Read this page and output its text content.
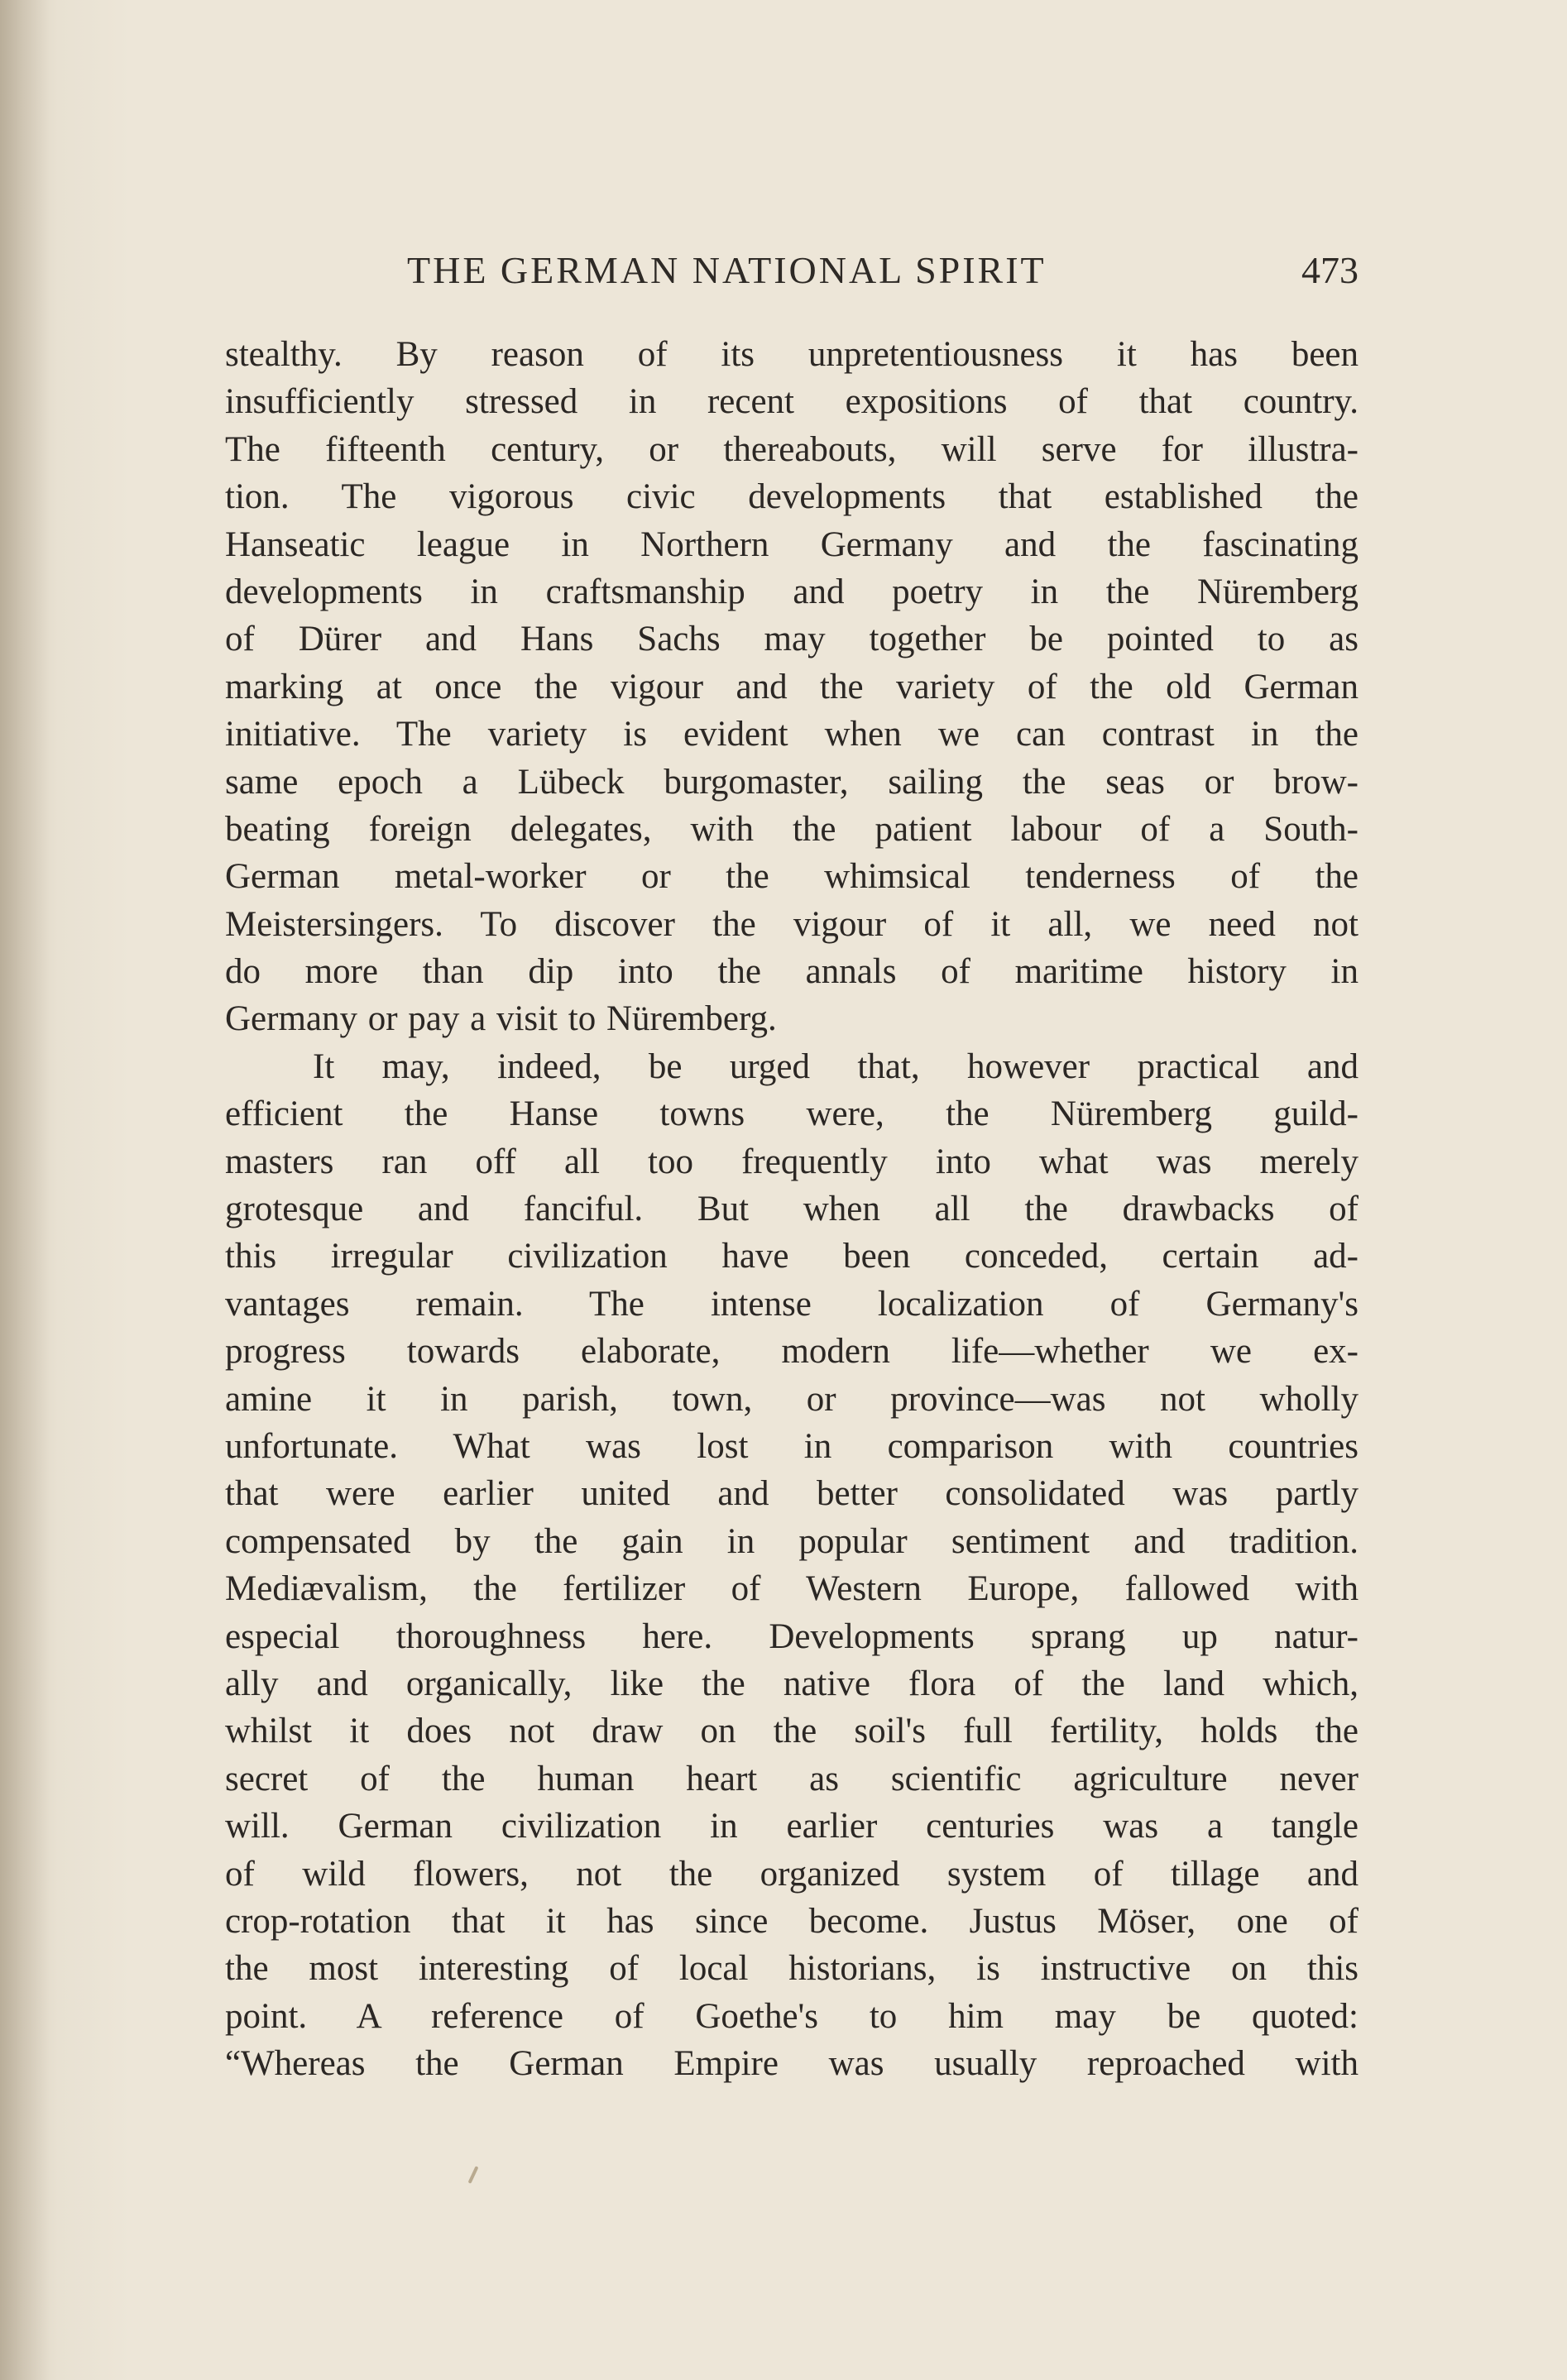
THE GERMAN NATIONAL SPIRIT	473
stealthy. By reason of its unpretentiousness it has been
insufficiently stressed in recent expositions of that country.
The fifteenth century, or thereabouts, will serve for illustra-
tion. The vigorous civic developments that established the
Hanseatic league in Northern Germany and the fascinating
developments in craftsmanship and poetry in the Nüremberg
of Dürer and Hans Sachs may together be pointed to as
marking at once the vigour and the variety of the old German
initiative. The variety is evident when we can contrast in the
same epoch a Lübeck burgomaster, sailing the seas or brow-
beating foreign delegates, with the patient labour of a South-
German metal-worker or the whimsical tenderness of the
Meistersingers. To discover the vigour of it all, we need not
do more than dip into the annals of maritime history in
Germany or pay a visit to Nüremberg.
It may, indeed, be urged that, however practical and
efficient the Hanse towns were, the Nüremberg guild-
masters ran off all too frequently into what was merely
grotesque and fanciful. But when all the drawbacks of
this irregular civilization have been conceded, certain ad-
vantages remain. The intense localization of Germany's
progress towards elaborate, modern life—whether we ex-
amine it in parish, town, or province—was not wholly
unfortunate. What was lost in comparison with countries
that were earlier united and better consolidated was partly
compensated by the gain in popular sentiment and tradition.
Mediævalism, the fertilizer of Western Europe, fallowed with
especial thoroughness here. Developments sprang up natur-
ally and organically, like the native flora of the land which,
whilst it does not draw on the soil's full fertility, holds the
secret of the human heart as scientific agriculture never
will. German civilization in earlier centuries was a tangle
of wild flowers, not the organized system of tillage and
crop-rotation that it has since become. Justus Möser, one of
the most interesting of local historians, is instructive on this
point. A reference of Goethe's to him may be quoted:
“Whereas the German Empire was usually reproached with
